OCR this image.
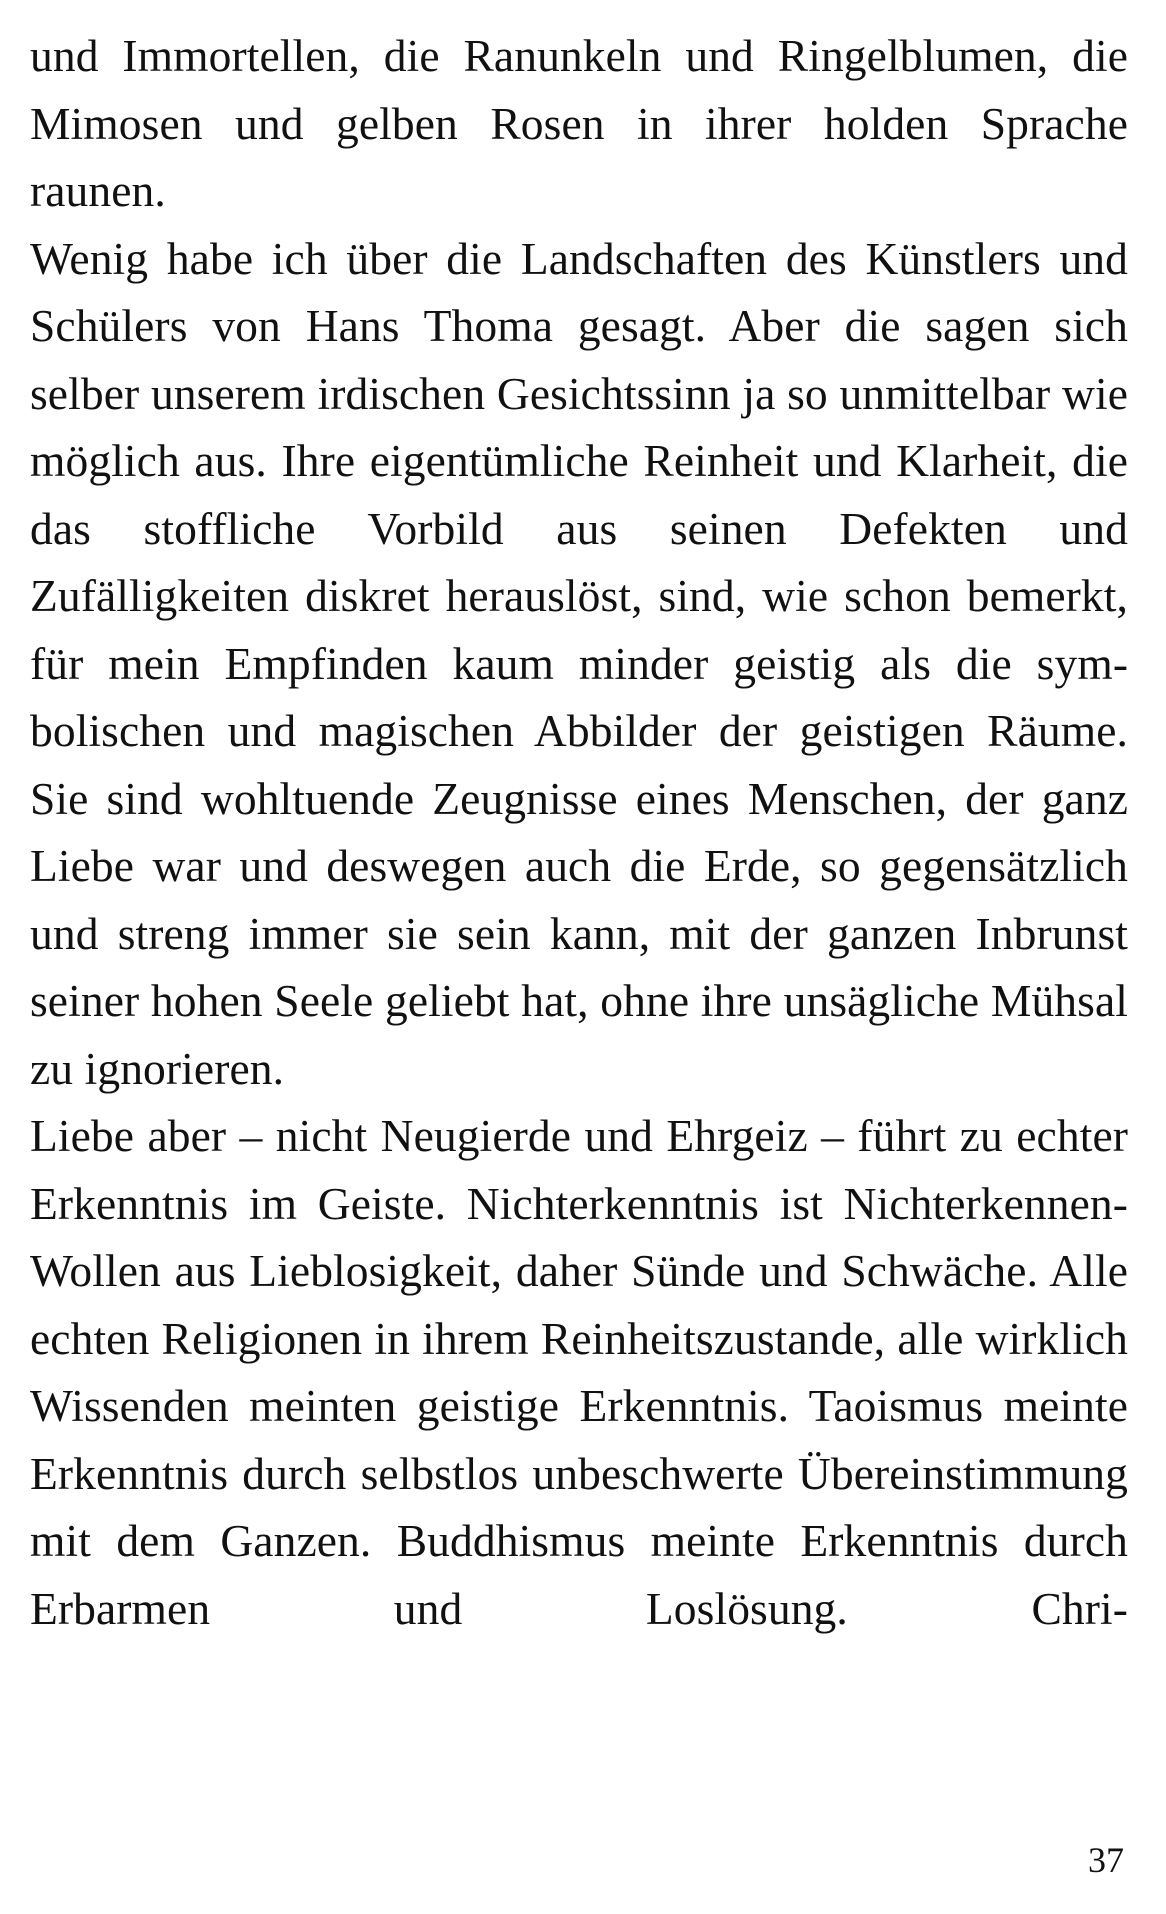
und Immortellen, die Ranunkeln und Ringelblumen, die Mimosen und gelben Rosen in ihrer holden Sprache raunen.

Wenig habe ich über die Landschaften des Künstlers und Schülers von Hans Thoma gesagt. Aber die sagen sich selber unserem irdischen Gesichtssinn ja so unmittelbar wie möglich aus. Ihre eigentümliche Reinheit und Klarheit, die das stoffliche Vorbild aus seinen Defekten und Zufälligkeiten diskret herauslöst, sind, wie schon bemerkt, für mein Empfinden kaum minder geistig als die symbolischen und magischen Abbilder der geistigen Räume. Sie sind wohltuende Zeugnisse eines Menschen, der ganz Liebe war und deswegen auch die Erde, so gegensätzlich und streng immer sie sein kann, mit der ganzen Inbrunst seiner hohen Seele geliebt hat, ohne ihre unsägliche Mühsal zu ignorieren.

Liebe aber – nicht Neugierde und Ehrgeiz – führt zu echter Erkenntnis im Geiste. Nichterkenntnis ist Nichterkennen-Wollen aus Lieblosigkeit, daher Sünde und Schwäche. Alle echten Religionen in ihrem Reinheitszustande, alle wirklich Wissenden meinten geistige Erkenntnis. Taoismus meinte Erkenntnis durch selbstlos unbeschwerte Übereinstimmung mit dem Ganzen. Buddhismus meinte Erkenntnis durch Erbarmen und Loslösung. Chri-

37
